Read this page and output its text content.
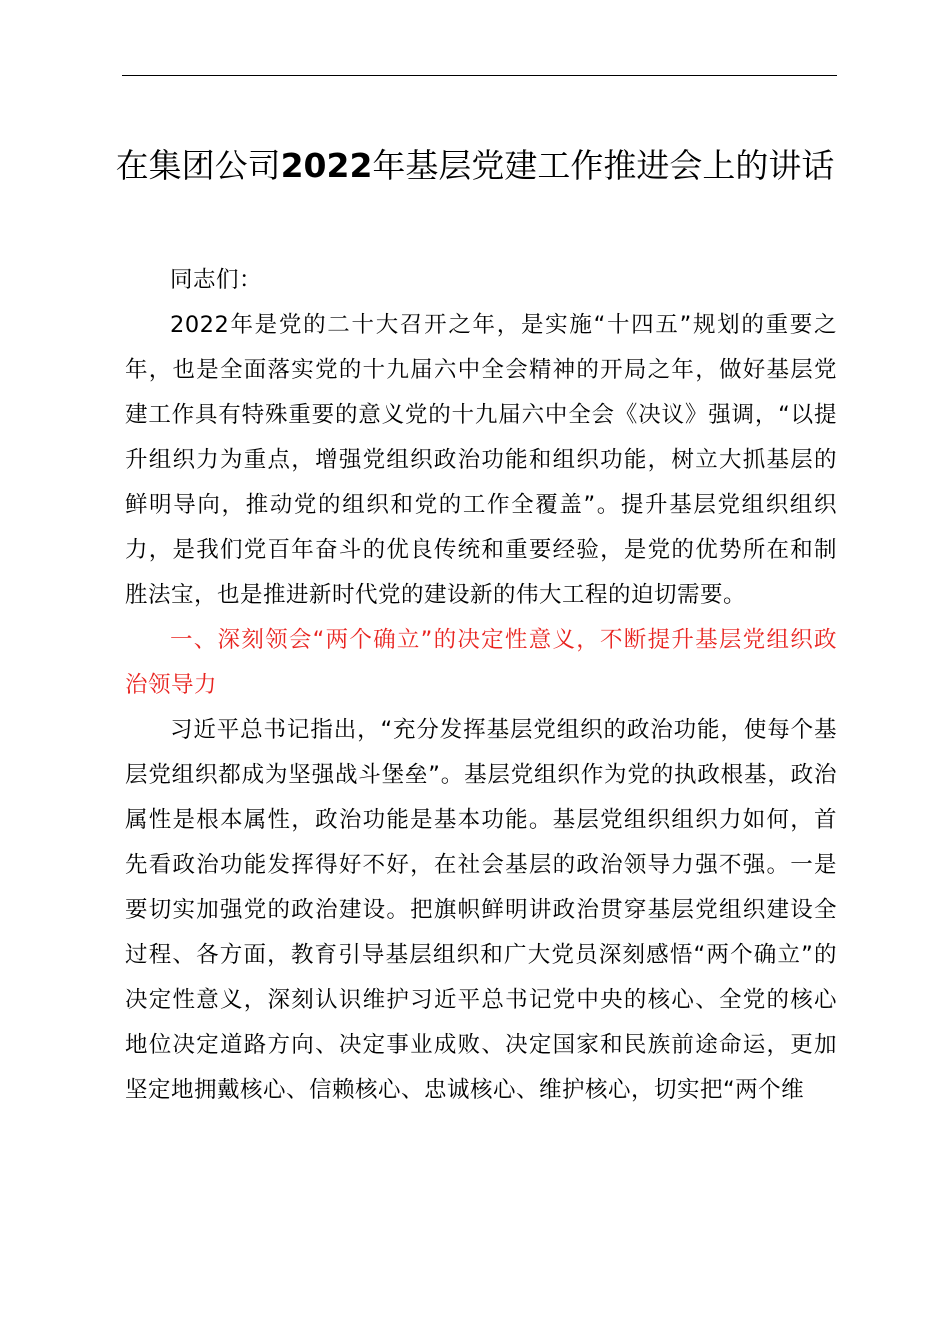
在集团公司2022年基层党建工作推进会上的讲话

同志们：

2022年是党的二十大召开之年，是实施“十四五”规划的重要之年，也是全面落实党的十九届六中全会精神的开局之年，做好基层党建工作具有特殊重要的意义党的十九届六中全会《决议》强调，“以提升组织力为重点，增强党组织政治功能和组织功能，树立大抓基层的鲜明导向，推动党的组织和党的工作全覆盖”。提升基层党组织组织力，是我们党百年奋斗的优良传统和重要经验，是党的优势所在和制胜法宝，也是推进新时代党的建设新的伟大工程的迫切需要。

一、深刻领会“两个确立”的决定性意义，不断提升基层党组织政治领导力

习近平总书记指出，“充分发挥基层党组织的政治功能，使每个基层党组织都成为坚强战斗堡垒”。基层党组织作为党的执政根基，政治属性是根本属性，政治功能是基本功能。基层党组织组织力如何，首先看政治功能发挥得好不好，在社会基层的政治领导力强不强。一是要切实加强党的政治建设。把旗帜鲜明讲政治贯穿基层党组织建设全过程、各方面，教育引导基层组织和广大党员深刻感悟“两个确立”的决定性意义，深刻认识维护习近平总书记党中央的核心、全党的核心地位决定道路方向、决定事业成败、决定国家和民族前途命运，更加坚定地拥戴核心、信赖核心、忠诚核心、维护核心，切实把“两个维
